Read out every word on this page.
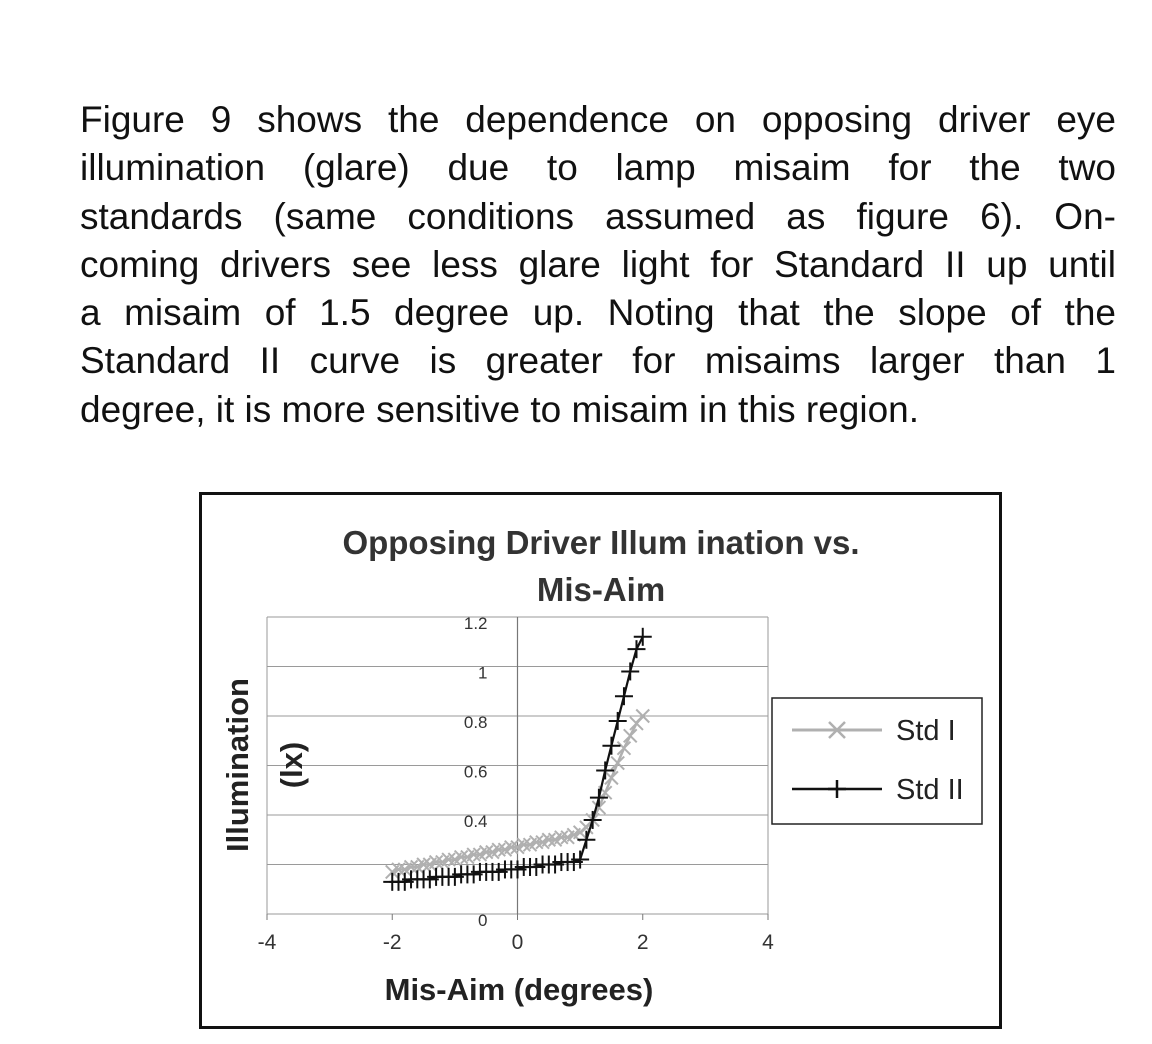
Figure 9 shows the dependence on opposing driver eye
illumination (glare) due to lamp misaim for the two
standards (same conditions assumed as figure 6). On-
coming drivers see less glare light for Standard II up until
a misaim of 1.5 degree up. Noting that the slope of the
Standard II curve is greater for misaims larger than 1
degree, it is more sensitive to misaim in this region.
Opposing Driver Illum ination vs.
Mis-Aim
Mis-Aim (degrees)
Illumination (lx)
0
0.4
0.6
0.8
1
1.2
-4	-2	0	2	4
Std I
Std II
